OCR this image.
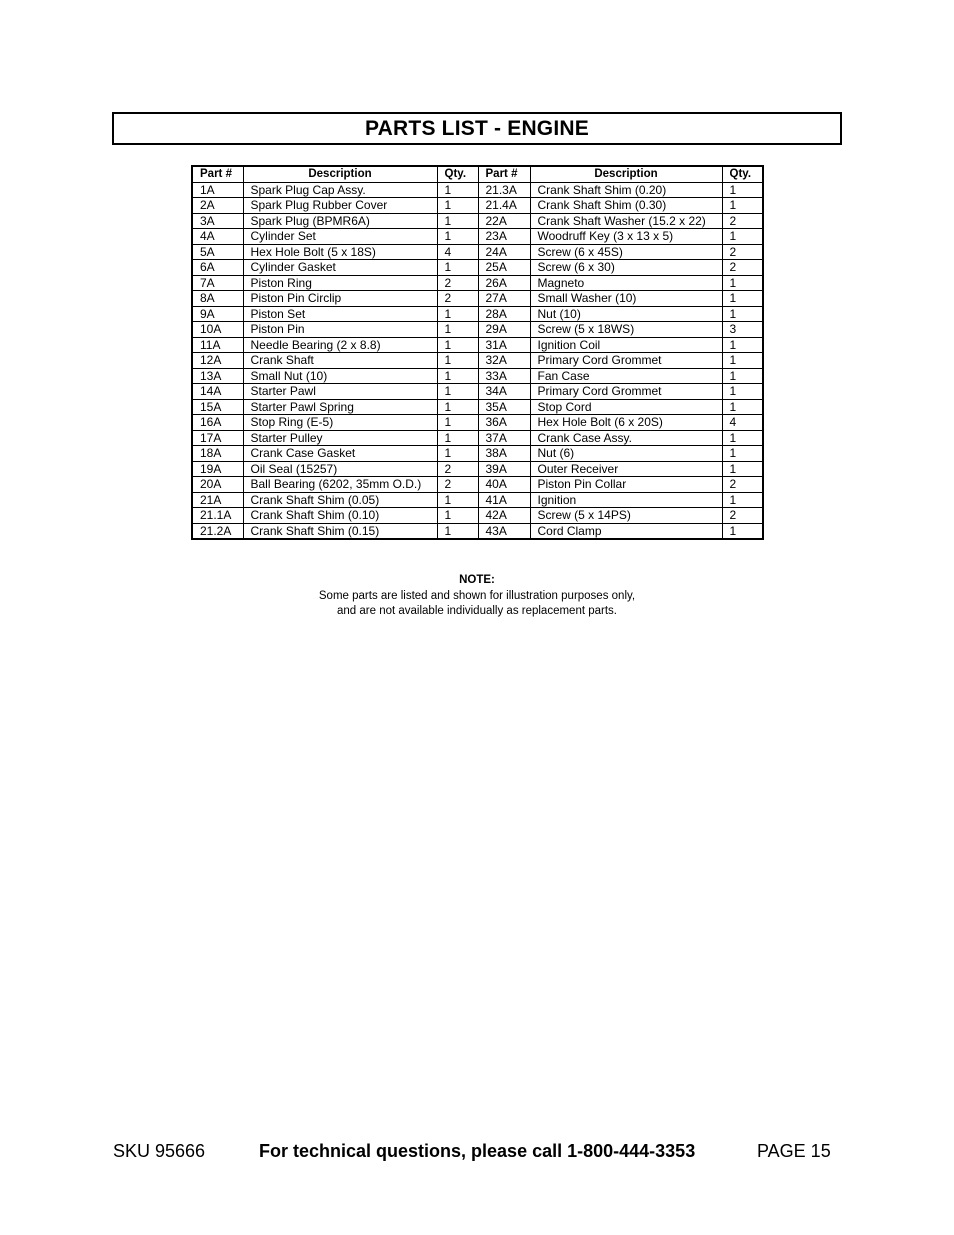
PARTS LIST - ENGINE
Part #	Description	Qty.	Part #	Description	Qty.
1A	Spark Plug Cap Assy.	1	21.3A	Crank Shaft Shim (0.20)	1
2A	Spark Plug Rubber Cover	1	21.4A	Crank Shaft Shim (0.30)	1
3A	Spark Plug (BPMR6A)	1	22A	Crank Shaft Washer (15.2 x 22)	2
4A	Cylinder Set	1	23A	Woodruff Key (3 x 13 x 5)	1
5A	Hex Hole Bolt (5 x 18S)	4	24A	Screw (6 x 45S)	2
6A	Cylinder Gasket	1	25A	Screw (6 x 30)	2
7A	Piston Ring	2	26A	Magneto	1
8A	Piston Pin Circlip	2	27A	Small Washer (10)	1
9A	Piston Set	1	28A	Nut (10)	1
10A	Piston Pin	1	29A	Screw (5 x 18WS)	3
11A	Needle Bearing (2 x 8.8)	1	31A	Ignition Coil	1
12A	Crank Shaft	1	32A	Primary Cord Grommet	1
13A	Small Nut (10)	1	33A	Fan Case	1
14A	Starter Pawl	1	34A	Primary Cord Grommet	1
15A	Starter Pawl Spring	1	35A	Stop Cord	1
16A	Stop Ring (E-5)	1	36A	Hex Hole Bolt (6 x 20S)	4
17A	Starter Pulley	1	37A	Crank Case Assy.	1
18A	Crank Case Gasket	1	38A	Nut (6)	1
19A	Oil Seal (15257)	2	39A	Outer Receiver	1
20A	Ball Bearing (6202, 35mm O.D.)	2	40A	Piston Pin Collar	2
21A	Crank Shaft Shim (0.05)	1	41A	Ignition	1
21.1A	Crank Shaft Shim (0.10)	1	42A	Screw (5 x 14PS)	2
21.2A	Crank Shaft Shim (0.15)	1	43A	Cord Clamp	1
NOTE:
Some parts are listed and shown for illustration purposes only,
and are not available individually as replacement parts.
SKU 95666	For technical questions, please call 1-800-444-3353	PAGE 15
